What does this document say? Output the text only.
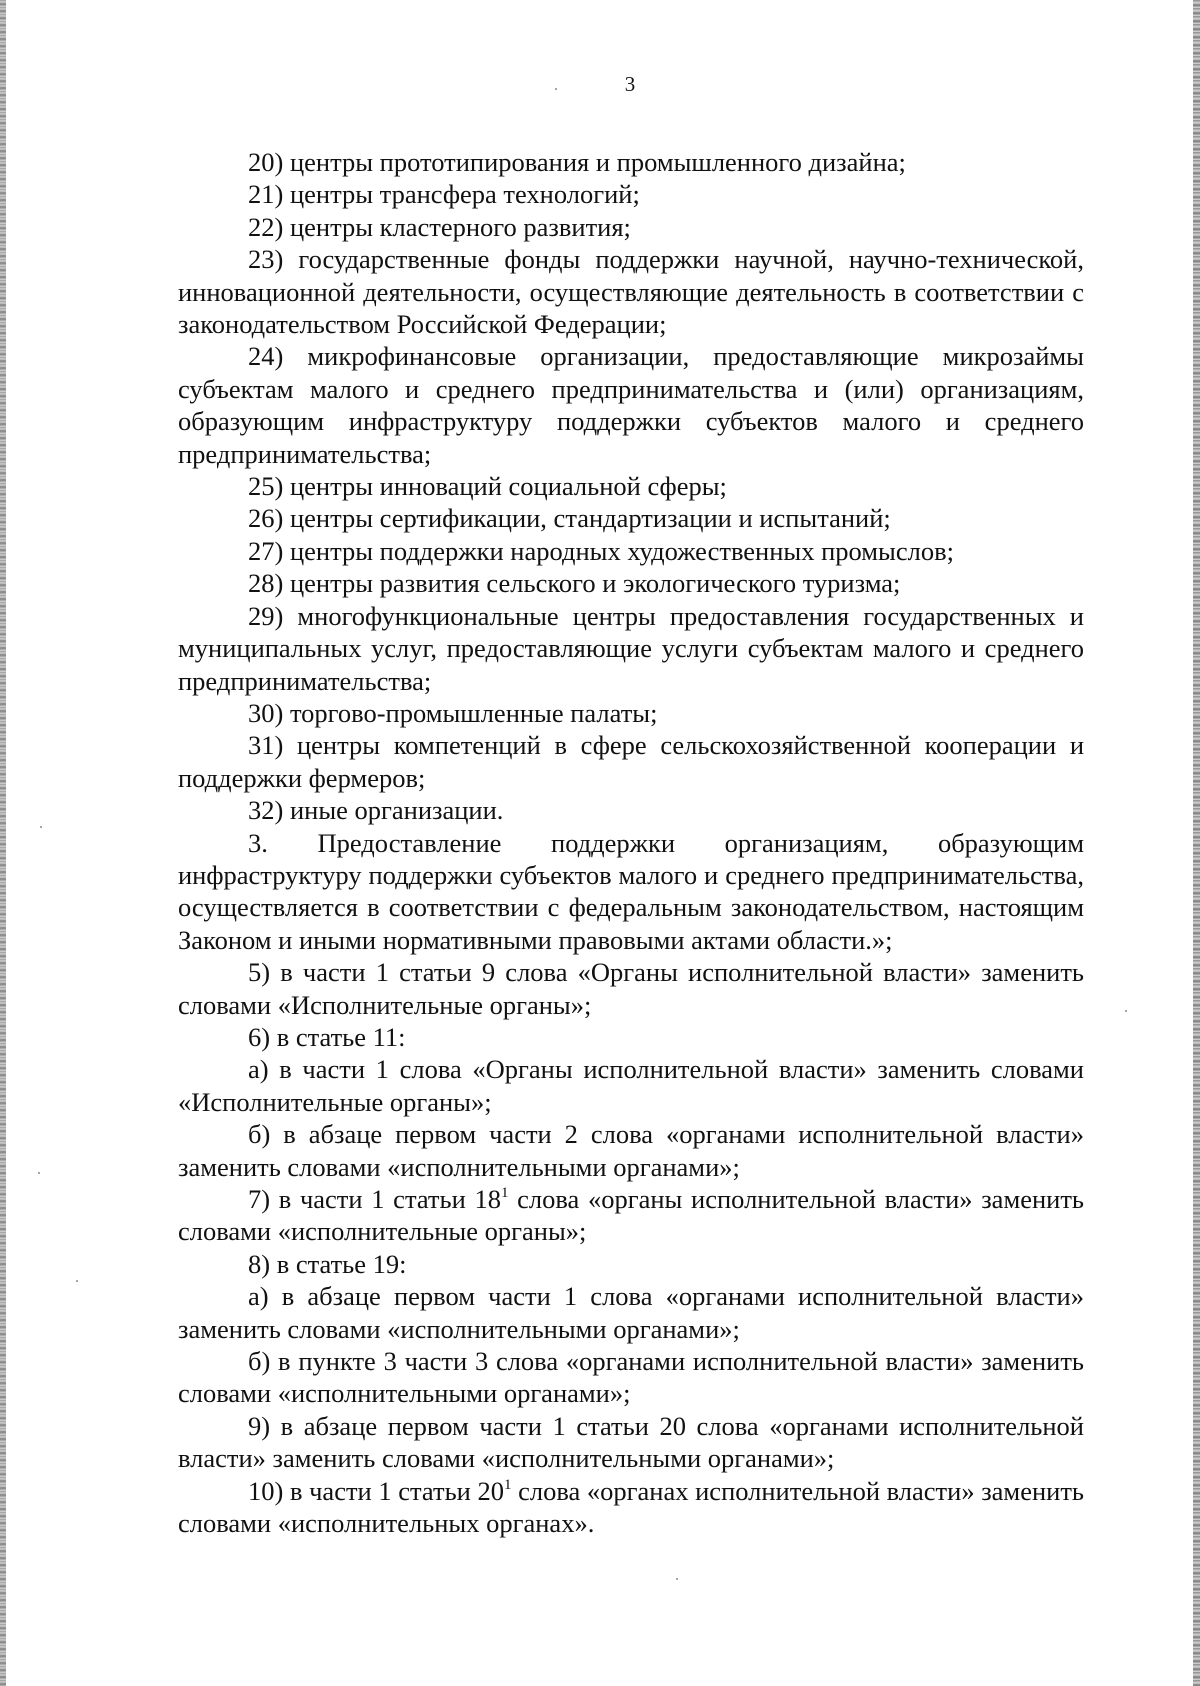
3

20) центры прототипирования и промышленного дизайна;

21) центры трансфера технологий;

22) центры кластерного развития;

23) государственные фонды поддержки научной, научно-технической, инновационной деятельности, осуществляющие деятельность в соответствии с законодательством Российской Федерации;

24) микрофинансовые организации, предоставляющие микрозаймы субъектам малого и среднего предпринимательства и (или) организациям, образующим инфраструктуру поддержки субъектов малого и среднего предпринимательства;

25) центры инноваций социальной сферы;

26) центры сертификации, стандартизации и испытаний;

27) центры поддержки народных художественных промыслов;

28) центры развития сельского и экологического туризма;

29) многофункциональные центры предоставления государственных и муниципальных услуг, предоставляющие услуги субъектам малого и среднего предпринимательства;

30) торгово-промышленные палаты;

31) центры компетенций в сфере сельскохозяйственной кооперации и поддержки фермеров;

32) иные организации.

3. Предоставление поддержки организациям, образующим инфраструктуру поддержки субъектов малого и среднего предпринимательства, осуществляется в соответствии с федеральным законодательством, настоящим Законом и иными нормативными правовыми актами области.»;

5) в части 1 статьи 9 слова «Органы исполнительной власти» заменить словами «Исполнительные органы»;

6) в статье 11:

а) в части 1 слова «Органы исполнительной власти» заменить словами «Исполнительные органы»;

б) в абзаце первом части 2 слова «органами исполнительной власти» заменить словами «исполнительными органами»;

7) в части 1 статьи $18^1$ слова «органы исполнительной власти» заменить словами «исполнительные органы»;

8) в статье 19:

а) в абзаце первом части 1 слова «органами исполнительной власти» заменить словами «исполнительными органами»;

б) в пункте 3 части 3 слова «органами исполнительной власти» заменить словами «исполнительными органами»;

9) в абзаце первом части 1 статьи 20 слова «органами исполнительной власти» заменить словами «исполнительными органами»;

10) в части 1 статьи $20^1$ слова «органах исполнительной власти» заменить словами «исполнительных органах».
